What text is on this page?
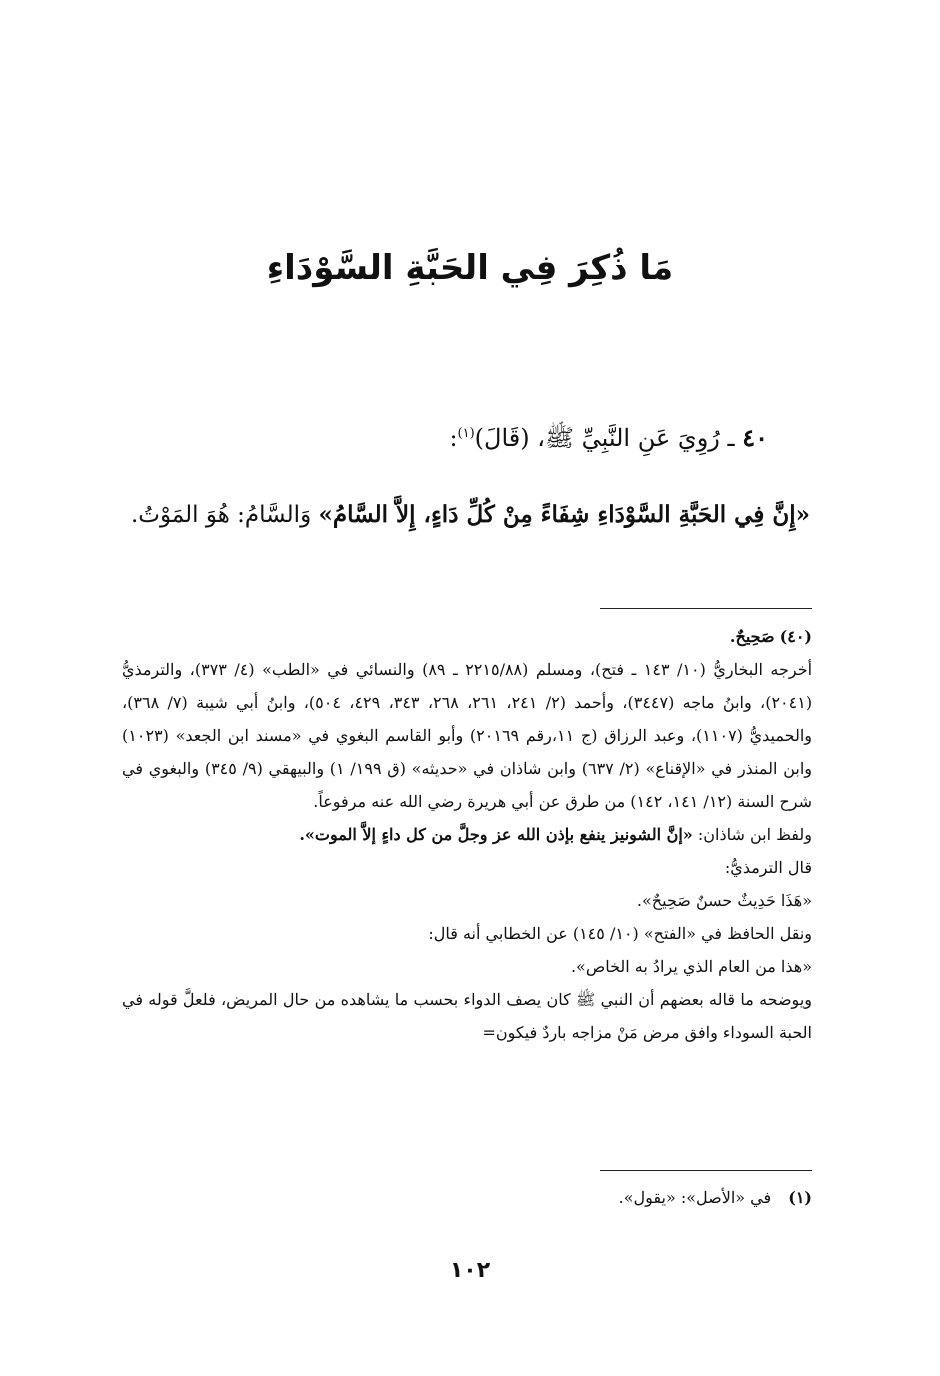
مَا ذُكِرَ فِي الحَبَّةِ السَّوْدَاءِ
٤٠ ـ رُوِيَ عَنِ النَّبِيِّ ﷺ، (قَالَ)$^{(١)}$:
«إِنَّ فِي الحَبَّةِ السَّوْدَاءِ شِفَاءً مِنْ كُلِّ دَاءٍ، إِلاَّ السَّامُ» وَالسَّامُ: هُوَ المَوْتُ.

(٤٠) صَحِيحٌ.

أخرجه البخاريُّ (١٠/ ١٤٣ ـ فتح)، ومسلم (٢٢١٥/٨٨ ـ ٨٩) والنسائي في «الطب» (٤/ ٣٧٣)، والترمذيُّ (٢٠٤١)، وابنُ ماجه (٣٤٤٧)، وأحمد (٢/ ٢٤١، ٢٦١، ٢٦٨، ٣٤٣، ٤٢٩، ٥٠٤)، وابنُ أبي شيبة (٧/ ٣٦٨)، والحميديُّ (١١٠٧)، وعبد الرزاق (ج ١١،رقم ٢٠١٦٩) وأبو القاسم البغوي في «مسند ابن الجعد» (١٠٢٣) وابن المنذر في «الإقناع» (٢/ ٦٣٧) وابن شاذان في «حديثه» (ق ١٩٩/ ١) والبيهقي (٩/ ٣٤٥) والبغوي في شرح السنة (١٢/ ١٤١، ١٤٢) من طرق عن أبي هريرة رضي الله عنه مرفوعاً.

ولفظ ابن شاذان: «إنَّ الشونيز ينفع بإذن الله عز وجلَّ من كل داءٍ إلاَّ الموت».

قال الترمذيُّ:

«هَذَا حَدِيثٌ حسنٌ صَحِيحٌ».

ونقل الحافظ في «الفتح» (١٠/ ١٤٥) عن الخطابي أنه قال:

«هذا من العام الذي يرادُ به الخاص».

ويوضحه ما قاله بعضهم أن النبي ﷺ كان يصف الدواء بحسب ما يشاهده من حال المريض، فلعلَّ قوله في الحبة السوداء وافق مرض مَنْ مزاجه باردٌ فيكون=

(١) في «الأصل»: «يقول».
١٠٢
